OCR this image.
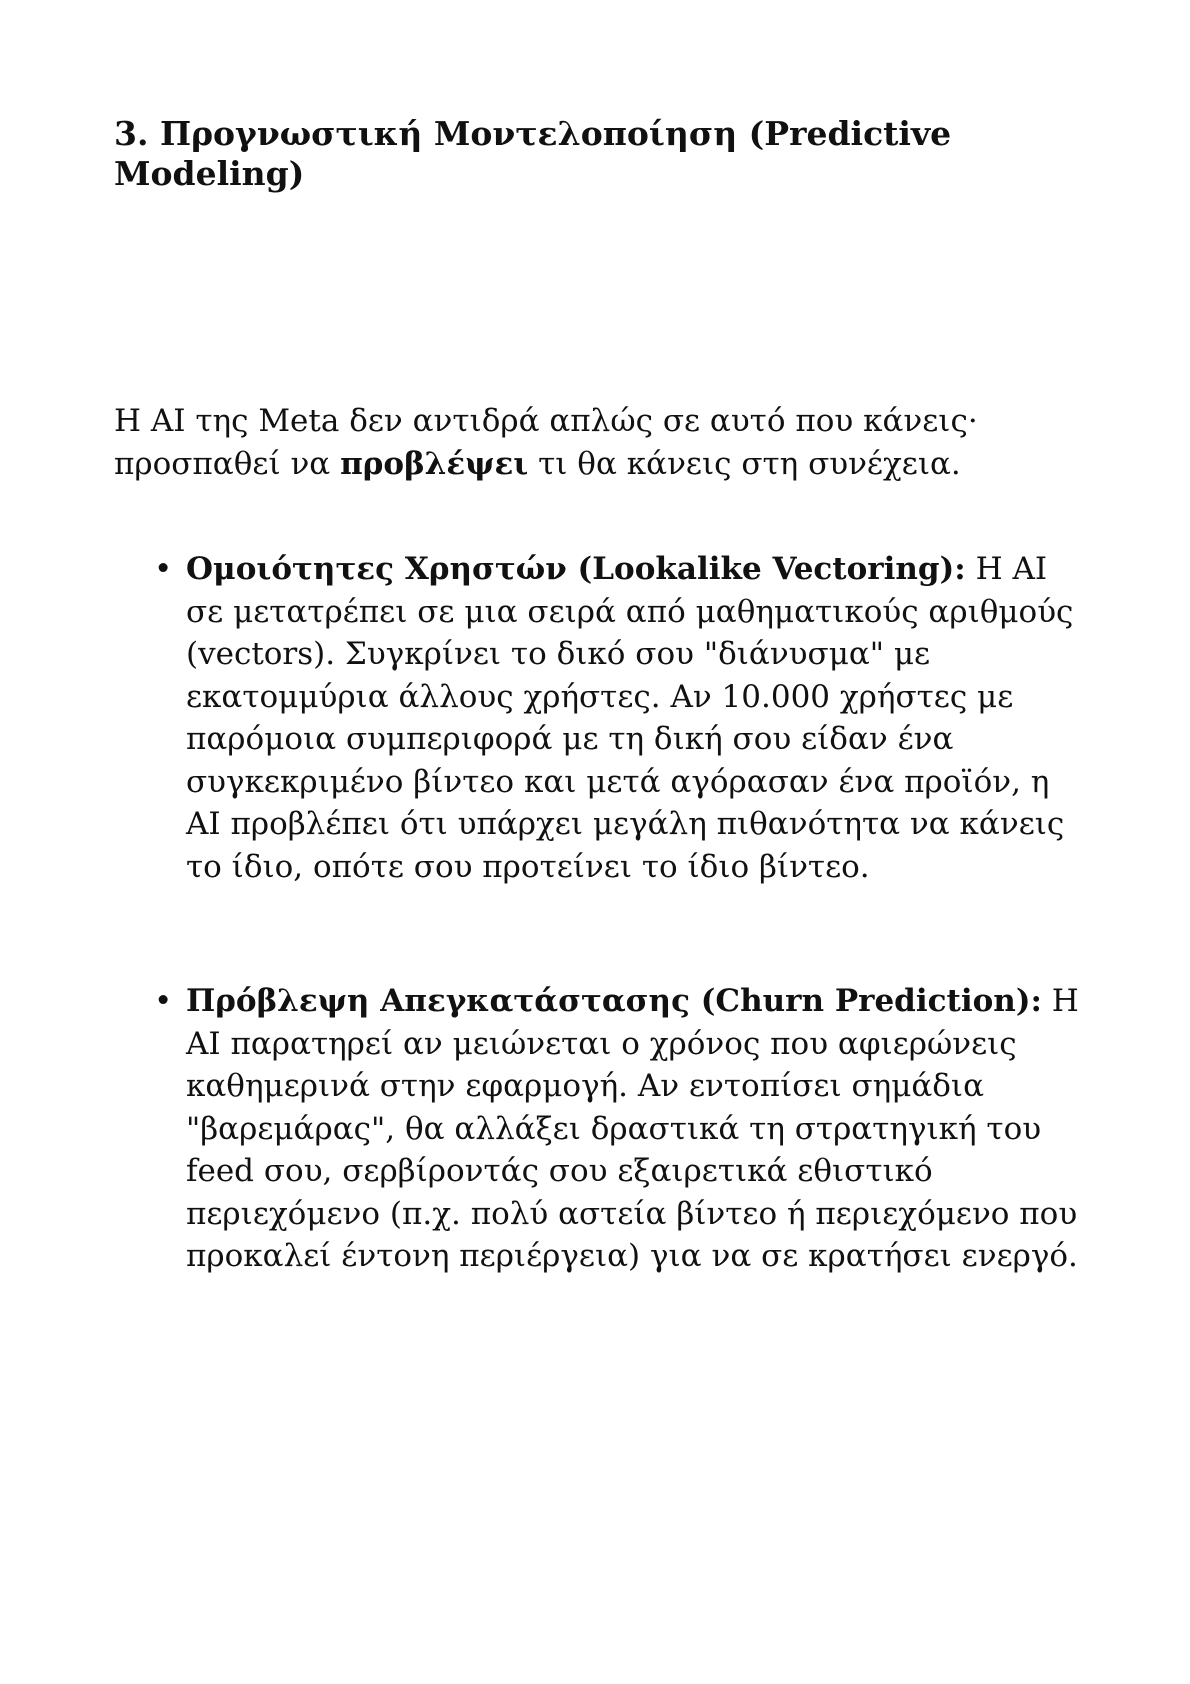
3. Προγνωστική Μοντελοποίηση (Predictive Modeling)

Η AI της Meta δεν αντιδρά απλώς σε αυτό που κάνεις· προσπαθεί να προβλέψει τι θα κάνεις στη συνέχεια.

• Ομοιότητες Χρηστών (Lookalike Vectoring): Η AI σε μετατρέπει σε μια σειρά από μαθηματικούς αριθμούς (vectors). Συγκρίνει το δικό σου "διάνυσμα" με εκατομμύρια άλλους χρήστες. Αν 10.000 χρήστες με παρόμοια συμπεριφορά με τη δική σου είδαν ένα συγκεκριμένο βίντεο και μετά αγόρασαν ένα προϊόν, η AI προβλέπει ότι υπάρχει μεγάλη πιθανότητα να κάνεις το ίδιο, οπότε σου προτείνει το ίδιο βίντεο.
• Πρόβλεψη Απεγκατάστασης (Churn Prediction): Η AI παρατηρεί αν μειώνεται ο χρόνος που αφιερώνεις καθημερινά στην εφαρμογή. Αν εντοπίσει σημάδια "βαρεμάρας", θα αλλάξει δραστικά τη στρατηγική του feed σου, σερβίροντάς σου εξαιρετικά εθιστικό περιεχόμενο (π.χ. πολύ αστεία βίντεο ή περιεχόμενο που προκαλεί έντονη περιέργεια) για να σε κρατήσει ενεργό.
